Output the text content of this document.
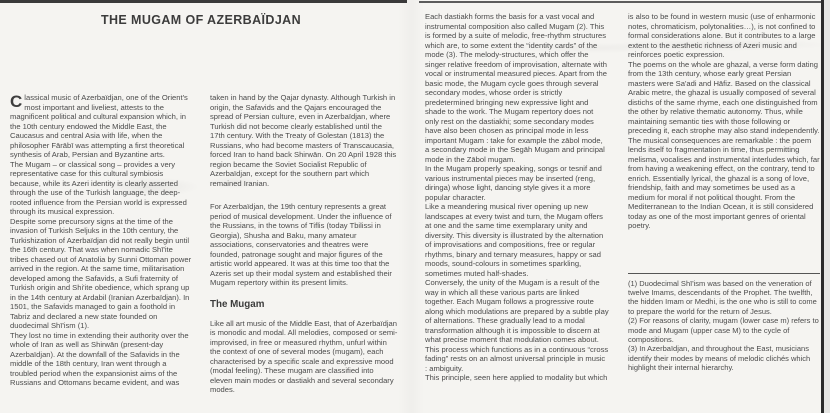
THE MUGAM OF AZERBAÏDJAN

Classical music of Azerbaïdjan, one of the Orient's most important and liveliest, attests to the magnificent political and cultural expansion which, in the 10th century endowed the Middle East, the Caucasus and central Asia with life, when the philosopher Fārābī was attempting a first theoretical synthesis of Arab, Persian and Byzantine arts.

The Mugam – or classical song – provides a very representative case for this cultural symbiosis because, while its Azeri identity is clearly asserted through the use of the Turkish language, the deep-rooted influence from the Persian world is expressed through its musical expression.

Despite some precursory signs at the time of the invasion of Turkish Seljuks in the 10th century, the Turkishization of Azerbaïdjan did not really begin until the 16th century. That was when nomadic Shī'ite tribes chased out of Anatolia by Sunni Ottoman power arrived in the region. At the same time, militarisation developed among the Safavids, a Sufi fraternity of Turkish origin and Shi'ite obedience, which sprang up in the 14th century at Ardabil (Iranian Azerbaïdjan). In 1501, the Safavids managed to gain a foothold in Tabriz and declared a new state founded on duodecimal Shī'ism (1).

They lost no time in extending their authority over the whole of Iran as well as Shirwān (present-day Azerbaïdjan). At the downfall of the Safavids in the middle of the 18th century, Iran went through a troubled period when the expansionist aims of the Russians and Ottomans became evident, and was

taken in hand by the Qajar dynasty. Although Turkish in origin, the Safavids and the Qajars encouraged the spread of Persian culture, even in Azerbaïdjan, where Turkish did not become clearly established until the 17th century. With the Treaty of Golestan (1813) the Russians, who had become masters of Transcaucasia, forced Iran to hand back Shirwān. On 20 April 1928 this region became the Soviet Socialist Republic of Azerbaïdjan, except for the southern part which remained Iranian.

For Azerbaïdjan, the 19th century represents a great period of musical development. Under the influence of the Russians, in the towns of Tiflis (today Tbilissi in Georgia), Shusha and Baku, many amateur associations, conservatories and theatres were founded, patronage sought and major figures of the artistic world appeared. It was at this time too that the Azeris set up their modal system and established their Mugam repertory within its present limits.

The Mugam

Like all art music of the Middle East, that of Azerbaïdjan is monodic and modal. All melodies, composed or semi-improvised, in free or measured rhythm, unfurl within the context of one of several modes (mugam), each characterised by a specific scale and expressive mood (modal feeling). These mugam are classified into eleven main modes or dastiakh and several secondary modes.

Each dastiakh forms the basis for a vast vocal and instrumental composition also called Mugam (2). This is formed by a suite of melodic, free-rhythm structures which are, to some extent the “identity cards” of the mode (3). The melody-structures, which offer the singer relative freedom of improvisation, alternate with vocal or instrumental measured pieces. Apart from the basic mode, the Mugam cycle goes through several secondary modes, whose order is strictly predetermined bringing new expressive light and shade to the work. The Mugam repertory does not only rest on the dastiakhi; some secondary modes have also been chosen as principal mode in less important Mugam : take for example the zābol mode, a secondary mode in the Segāh Mugam and principal mode in the Zābol mugam.

In the Mugam properly speaking, songs or tesnif and various instrumental pieces may be inserted (reng, diringa) whose light, dancing style gives it a more popular character.

Like a meandering musical river opening up new landscapes at every twist and turn, the Mugam offers at one and the same time exemplarary unity and diversity. This diversity is illustrated by the alternation of improvisations and compositions, free or regular rhythms, binary and ternary measures, happy or sad moods, sound-colours in sometimes sparkling, sometimes muted half-shades.

Conversely, the unity of the Mugam is a result of the way in which all these various parts are linked together. Each Mugam follows a progressive route along which modulations are prepared by a subtle play of alternations. These gradually lead to a modal transformation although it is impossible to discern at what precise moment that modulation comes about. This process which functions as in a continuous “cross fading” rests on an almost universal principle in music : ambiguity.

This principle, seen here applied to modality but which

is also to be found in western music (use of enharmonic notes, chromaticism, polytonalities…), is not confined to formal considerations alone. But it contributes to a large extent to the aesthetic richness of Azeri music and reinforces poetic expression.

The poems on the whole are ghazal, a verse form dating from the 13th century, whose early great Persian masters were Sa'adi and Hāfiz. Based on the classical Arabic metre, the ghazal is usually composed of several distichs of the same rhyme, each one distinguished from the other by relative thematic autonomy. Thus, while maintaining semantic ties with those following or preceding it, each strophe may also stand independently. The musical consequences are remarkable : the poem lends itself to fragmentation in time, thus permitting melisma, vocalises and instrumental interludes which, far from having a weakening effect, on the contrary, tend to enrich. Essentially lyrical, the ghazal is a song of love, friendship, faith and may sometimes be used as a medium for moral if not political thought. From the Mediterranean to the Indian Ocean, it is still considered today as one of the most important genres of oriental poetry.

(1) Duodecimal Shī'ism was based on the veneration of twelve Imams, descendants of the Prophet. The twelfth, the hidden Imam or Medhi, is the one who is still to come to prepare the world for the return of Jesus.

(2) For reasons of clarity, mugam (lower case m) refers to mode and Mugam (upper case M) to the cycle of compositions.

(3) In Azerbaïdjan, and throughout the East, musicians identify their modes by means of melodic clichés which highlight their internal hierarchy.
